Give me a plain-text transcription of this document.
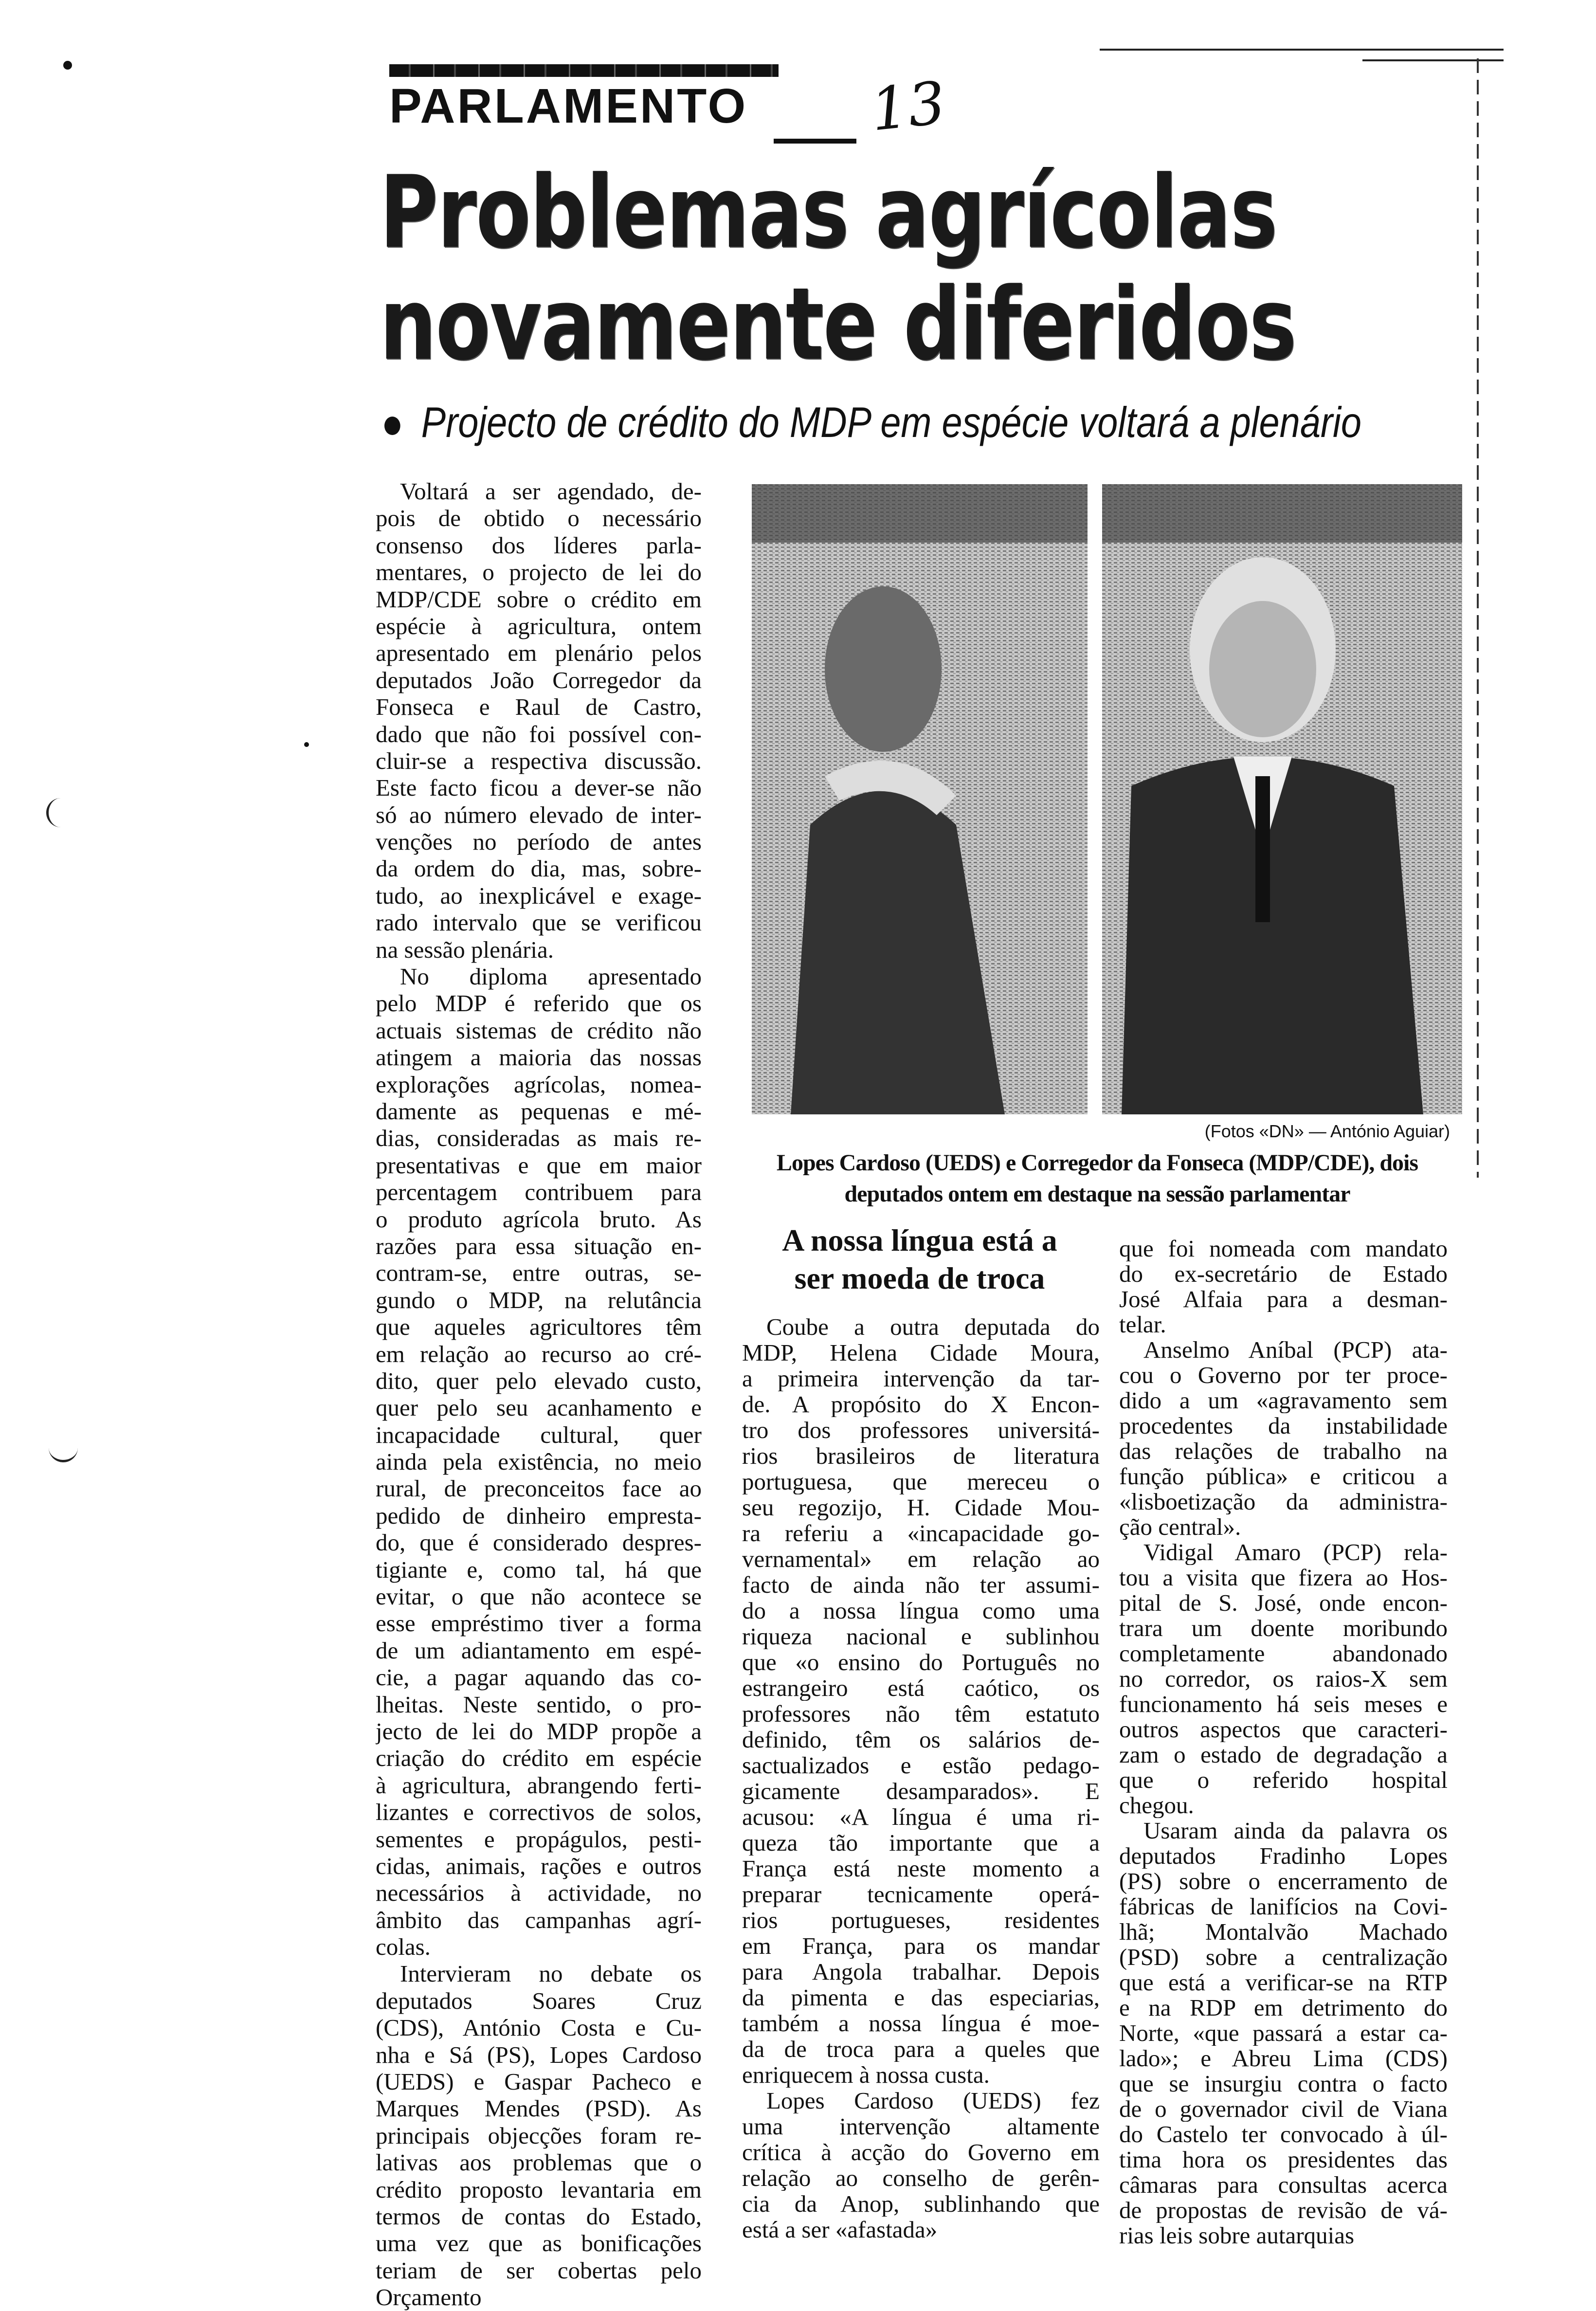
PARLAMENTO 13
Problemas agrícolas
novamente diferidos
Projecto de crédito do MDP em espécie voltará a plenário
(Fotos «DN» — António Aguiar)
Lopes Cardoso (UEDS) e Corregedor da Fonseca (MDP/CDE), dois
deputados ontem em destaque na sessão parlamentar
A nossa língua está a
ser moeda de troca
Voltará a ser agendado, de-
pois de obtido o necessário
consenso dos líderes parla-
mentares, o projecto de lei do
MDP/CDE sobre o crédito em
espécie à agricultura, ontem
apresentado em plenário pelos
deputados João Corregedor da
Fonseca e Raul de Castro,
dado que não foi possível con-
cluir-se a respectiva discussão.
Este facto ficou a dever-se não
só ao número elevado de inter-
venções no período de antes
da ordem do dia, mas, sobre-
tudo, ao inexplicável e exage-
rado intervalo que se verificou
na sessão plenária.
No diploma apresentado
pelo MDP é referido que os
actuais sistemas de crédito não
atingem a maioria das nossas
explorações agrícolas, nomea-
damente as pequenas e mé-
dias, consideradas as mais re-
presentativas e que em maior
percentagem contribuem para
o produto agrícola bruto. As
razões para essa situação en-
contram-se, entre outras, se-
gundo o MDP, na relutância
que aqueles agricultores têm
em relação ao recurso ao cré-
dito, quer pelo elevado custo,
quer pelo seu acanhamento e
incapacidade cultural, quer
ainda pela existência, no meio
rural, de preconceitos face ao
pedido de dinheiro empresta-
do, que é considerado despres-
tigiante e, como tal, há que
evitar, o que não acontece se
esse empréstimo tiver a forma
de um adiantamento em espé-
cie, a pagar aquando das co-
lheitas. Neste sentido, o pro-
jecto de lei do MDP propõe a
criação do crédito em espécie
à agricultura, abrangendo ferti-
lizantes e correctivos de solos,
sementes e propágulos, pesti-
cidas, animais, rações e outros
necessários à actividade, no
âmbito das campanhas agrí-
colas.
Intervieram no debate os
deputados Soares Cruz
(CDS), António Costa e Cu-
nha e Sá (PS), Lopes Cardoso
(UEDS) e Gaspar Pacheco e
Marques Mendes (PSD). As
principais objecções foram re-
lativas aos problemas que o
crédito proposto levantaria em
termos de contas do Estado,
uma vez que as bonificações
teriam de ser cobertas pelo
Orçamento
Coube a outra deputada do
MDP, Helena Cidade Moura,
a primeira intervenção da tar-
de. A propósito do X Encon-
tro dos professores universitá-
rios brasileiros de literatura
portuguesa, que mereceu o
seu regozijo, H. Cidade Mou-
ra referiu a «incapacidade go-
vernamental» em relação ao
facto de ainda não ter assumi-
do a nossa língua como uma
riqueza nacional e sublinhou
que «o ensino do Português no
estrangeiro está caótico, os
professores não têm estatuto
definido, têm os salários de-
sactualizados e estão pedago-
gicamente desamparados». E
acusou: «A língua é uma ri-
queza tão importante que a
França está neste momento a
preparar tecnicamente operá-
rios portugueses, residentes
em França, para os mandar
para Angola trabalhar. Depois
da pimenta e das especiarias,
também a nossa língua é moe-
da de troca para a queles que
enriquecem à nossa custa.
Lopes Cardoso (UEDS) fez
uma intervenção altamente
crítica à acção do Governo em
relação ao conselho de gerên-
cia da Anop, sublinhando que
está a ser «afastada»
que foi nomeada com mandato
do ex-secretário de Estado
José Alfaia para a desman-
telar.
Anselmo Aníbal (PCP) ata-
cou o Governo por ter proce-
dido a um «agravamento sem
procedentes da instabilidade
das relações de trabalho na
função pública» e criticou a
«lisboetização da administra-
ção central».
Vidigal Amaro (PCP) rela-
tou a visita que fizera ao Hos-
pital de S. José, onde encon-
trara um doente moribundo
completamente abandonado
no corredor, os raios-X sem
funcionamento há seis meses e
outros aspectos que caracteri-
zam o estado de degradação a
que o referido hospital
chegou.
Usaram ainda da palavra os
deputados Fradinho Lopes
(PS) sobre o encerramento de
fábricas de lanifícios na Covi-
lhã; Montalvão Machado
(PSD) sobre a centralização
que está a verificar-se na RTP
e na RDP em detrimento do
Norte, «que passará a estar ca-
lado»; e Abreu Lima (CDS)
que se insurgiu contra o facto
de o governador civil de Viana
do Castelo ter convocado à úl-
tima hora os presidentes das
câmaras para consultas acerca
de propostas de revisão de vá-
rias leis sobre autarquias
